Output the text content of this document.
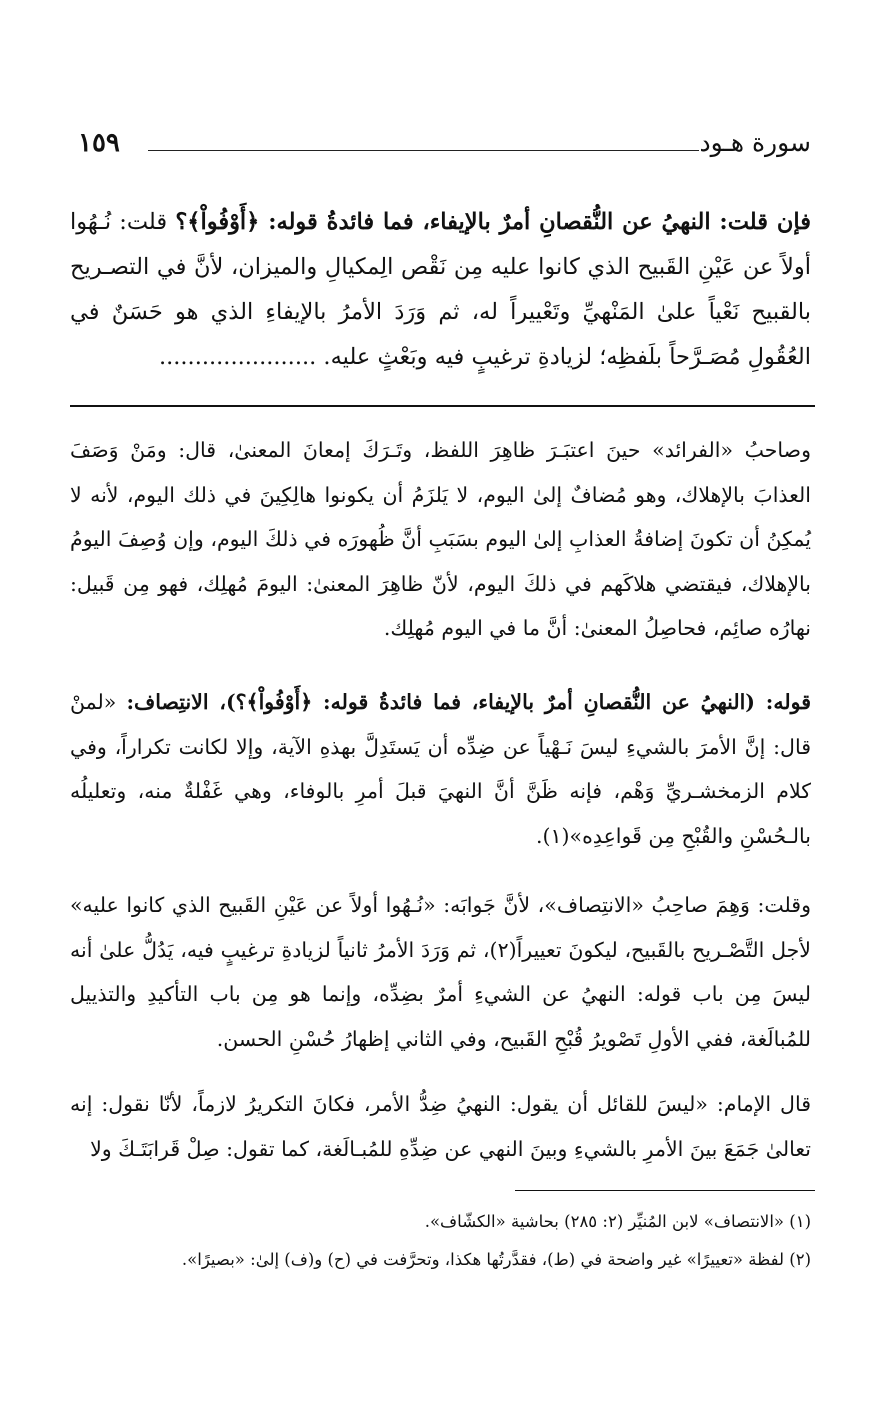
سورة هـود
١٥٩
فإن قلت: النهيُ عن النُّقصانِ أمرٌ بالإيفاء، فما فائدةُ قوله: ﴿أَوْفُواْ﴾؟ قلت: نُـهُوا أولاً عن عَيْنِ القَبيح الذي كانوا عليه مِن نَقْص الِمكيالِ والميزان، لأنَّ في التصـريح بالقبيح نَعْياً علىٰ المَنْهيِّ وتَعْييراً له، ثم وَرَدَ الأمرُ بالإيفاءِ الذي هو حَسَنٌ في العُقُولِ مُصَـرَّحاً بلَفظِه؛ لزيادةِ ترغيبٍ فيه وبَعْثٍ عليه. ......................
وصاحبُ «الفرائد» حينَ اعتبَـرَ ظاهِرَ اللفظ، وتَـرَكَ إمعانَ المعنىٰ، قال: ومَنْ وَصَفَ العذابَ بالإهلاك، وهو مُضافٌ إلىٰ اليوم، لا يَلزَمُ أن يكونوا هالِكِينَ في ذلك اليوم، لأنه لا يُمكِنُ أن تكونَ إضافةُ العذابِ إلىٰ اليوم بسَبَبِ أنَّ ظُهورَه في ذلكَ اليوم، وإن وُصِفَ اليومُ بالإهلاك، فيقتضي هلاكَهم في ذلكَ اليوم، لأنّ ظاهِرَ المعنىٰ: اليومَ مُهلِك، فهو مِن قَبيل: نهارُه صائِم، فحاصِلُ المعنىٰ: أنَّ ما في اليوم مُهلِك.
قوله: (النهيُ عن النُّقصانِ أمرٌ بالإيفاء، فما فائدةُ قوله: ﴿أَوْفُواْ﴾؟)، الانتِصاف: «لمنْ قال: إنَّ الأمرَ بالشيءِ ليسَ نَـهْياً عن ضِدِّه أن يَستَدِلَّ بهذهِ الآية، وإلا لكانت تكراراً، وفي كلام الزمخشـريِّ وَهْم، فإنه ظَنَّ أنَّ النهيَ قبلَ أمرِ بالوفاء، وهي غَفْلةٌ منه، وتعليلُه بالـحُسْنِ والقُبْحِ مِن قَواعِدِه»(١).
وقلت: وَهِمَ صاحِبُ «الانتِصاف»، لأنَّ جَوابَه: «نُـهُوا أولاً عن عَيْنِ القَبيح الذي كانوا عليه» لأجل التَّصْـريح بالقَبيح، ليكونَ تعييراً(٢)، ثم وَرَدَ الأمرُ ثانياً لزيادةِ ترغيبٍ فيه، يَدُلُّ علىٰ أنه ليسَ مِن باب قوله: النهيُ عن الشيءِ أمرٌ بضِدِّه، وإنما هو مِن باب التأكيدِ والتذييل للمُبالَغة، ففي الأولِ تَصْويرُ قُبْحِ القَبيح، وفي الثاني إظهارُ حُسْنِ الحسن.
قال الإمام: «ليسَ للقائل أن يقول: النهيُ ضِدُّ الأمر، فكانَ التكريرُ لازماً، لأنّا نقول: إنه تعالىٰ جَمَعَ بينَ الأمرِ بالشيءِ وبينَ النهي عن ضِدِّهِ للمُبـالَغة، كما تقول: صِلْ قَرابَتَـكَ ولا
(١) «الانتصاف» لابن المُنيِّر (٢: ٢٨٥) بحاشية «الكشّاف».
(٢) لفظة «تعييرًا» غير واضحة في (ط)، فقدَّرتُها هكذا، وتحرَّفت في (ح) و(ف) إلىٰ: «بصيرًا».
